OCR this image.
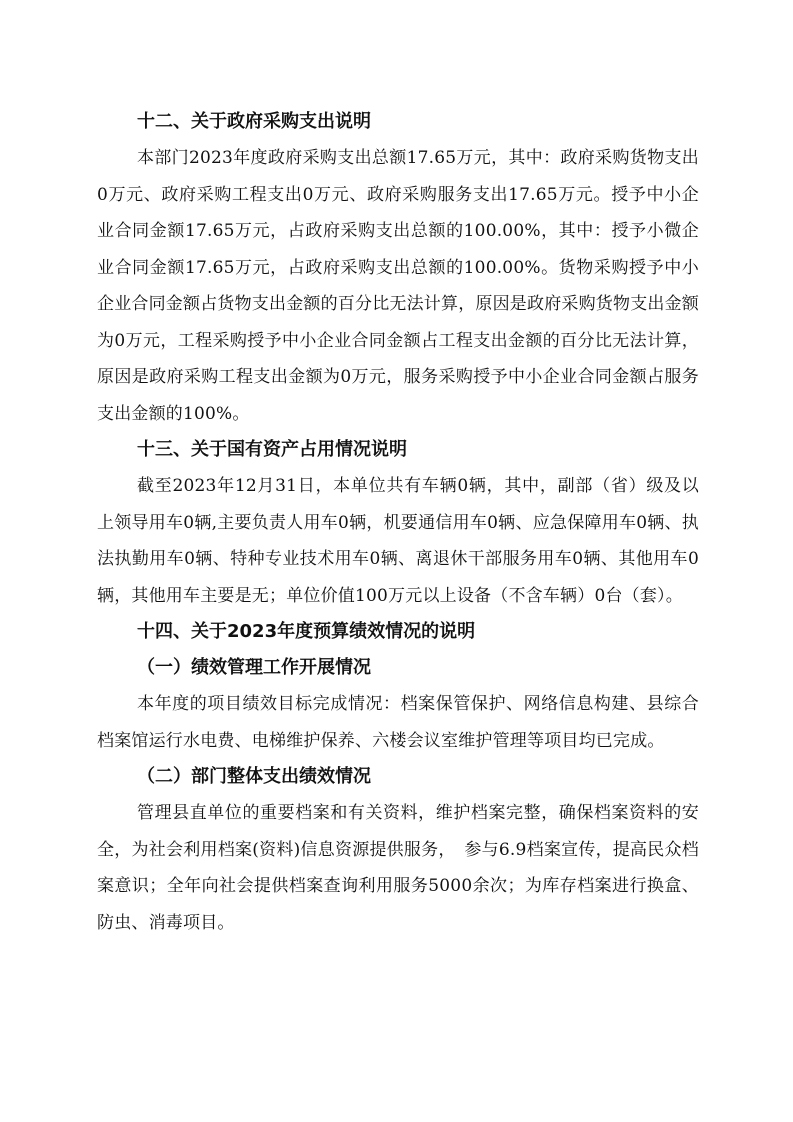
十二、关于政府采购支出说明

本部门2023年度政府采购支出总额17.65万元，其中：政府采购货物支出0万元、政府采购工程支出0万元、政府采购服务支出17.65万元。授予中小企业合同金额17.65万元，占政府采购支出总额的100.00%，其中：授予小微企业合同金额17.65万元，占政府采购支出总额的100.00%。货物采购授予中小企业合同金额占货物支出金额的百分比无法计算，原因是政府采购货物支出金额为0万元，工程采购授予中小企业合同金额占工程支出金额的百分比无法计算，原因是政府采购工程支出金额为0万元，服务采购授予中小企业合同金额占服务支出金额的100%。

十三、关于国有资产占用情况说明

截至2023年12月31日，本单位共有车辆0辆，其中，副部（省）级及以上领导用车0辆,主要负责人用车0辆，机要通信用车0辆、应急保障用车0辆、执法执勤用车0辆、特种专业技术用车0辆、离退休干部服务用车0辆、其他用车0辆，其他用车主要是无；单位价值100万元以上设备（不含车辆）0台（套）。

十四、关于2023年度预算绩效情况的说明
（一）绩效管理工作开展情况

本年度的项目绩效目标完成情况：档案保管保护、网络信息构建、县综合档案馆运行水电费、电梯维护保养、六楼会议室维护管理等项目均已完成。

（二）部门整体支出绩效情况

管理县直单位的重要档案和有关资料，维护档案完整，确保档案资料的安全，为社会利用档案(资料)信息资源提供服务，　参与6.9档案宣传，提高民众档案意识；全年向社会提供档案查询利用服务5000余次；为库存档案进行换盒、防虫、消毒项目。
